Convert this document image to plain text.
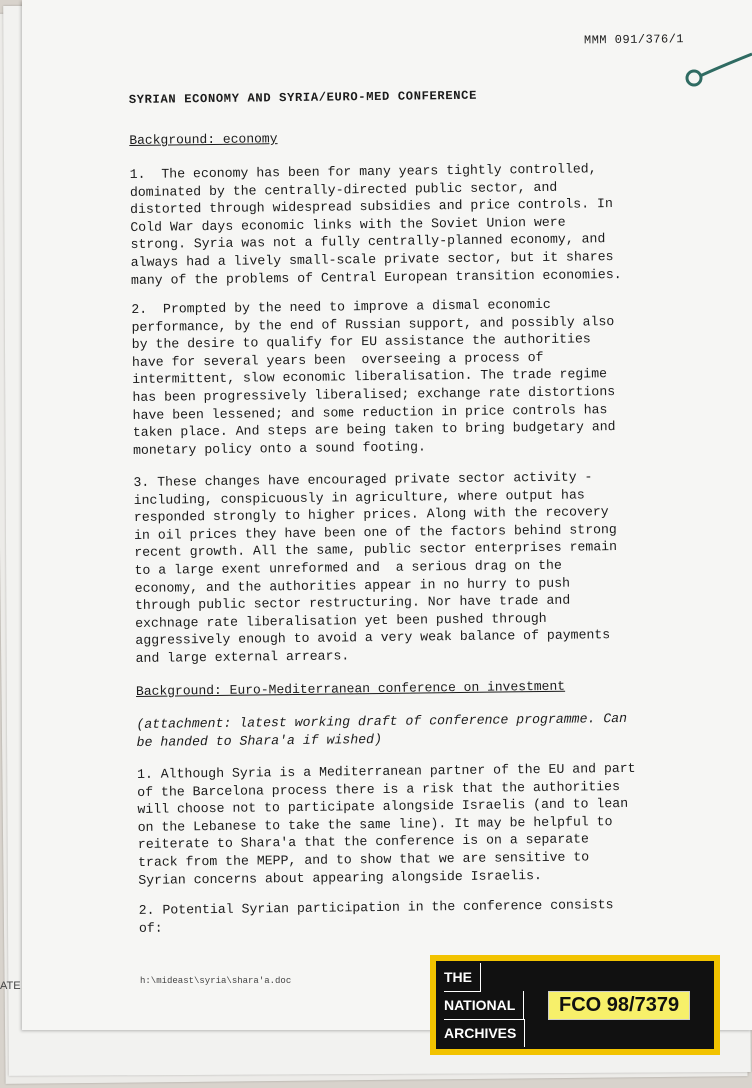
ATE
MMM 091/376/1
SYRIAN ECONOMY AND SYRIA/EURO-MED CONFERENCE
Background: economy
1.  The economy has been for many years tightly controlled,
dominated by the centrally-directed public sector, and
distorted through widespread subsidies and price controls. In
Cold War days economic links with the Soviet Union were
strong. Syria was not a fully centrally-planned economy, and
always had a lively small-scale private sector, but it shares
many of the problems of Central European transition economies.
2.  Prompted by the need to improve a dismal economic
performance, by the end of Russian support, and possibly also
by the desire to qualify for EU assistance the authorities
have for several years been  overseeing a process of
intermittent, slow economic liberalisation. The trade regime
has been progressively liberalised; exchange rate distortions
have been lessened; and some reduction in price controls has
taken place. And steps are being taken to bring budgetary and
monetary policy onto a sound footing.
3. These changes have encouraged private sector activity -
including, conspicuously in agriculture, where output has
responded strongly to higher prices. Along with the recovery
in oil prices they have been one of the factors behind strong
recent growth. All the same, public sector enterprises remain
to a large exent unreformed and  a serious drag on the
economy, and the authorities appear in no hurry to push
through public sector restructuring. Nor have trade and
exchnage rate liberalisation yet been pushed through
aggressively enough to avoid a very weak balance of payments
and large external arrears.
Background: Euro-Mediterranean conference on investment
(attachment: latest working draft of conference programme. Can
be handed to Shara'a if wished)
1. Although Syria is a Mediterranean partner of the EU and part
of the Barcelona process there is a risk that the authorities
will choose not to participate alongside Israelis (and to lean
on the Lebanese to take the same line). It may be helpful to
reiterate to Shara'a that the conference is on a separate
track from the MEPP, and to show that we are sensitive to
Syrian concerns about appearing alongside Israelis.
2. Potential Syrian participation in the conference consists
of:
h:\mideast\syria\shara'a.doc	THE
NATIONAL
ARCHIVES
FCO 98/7379
